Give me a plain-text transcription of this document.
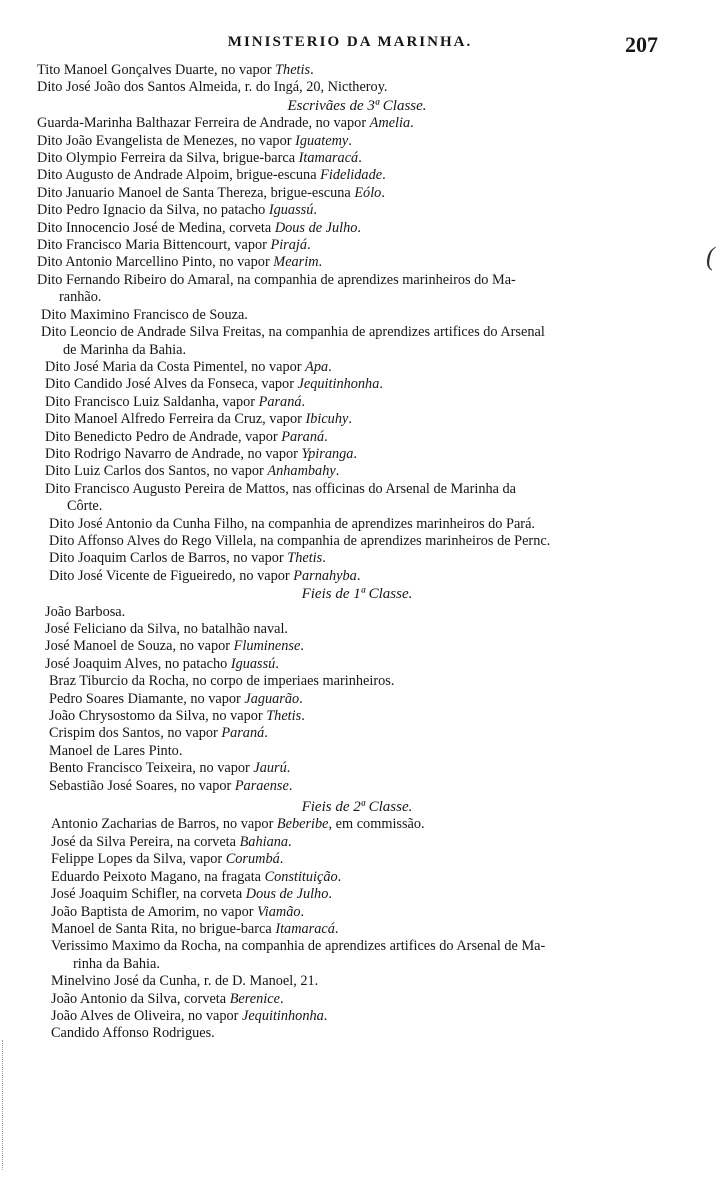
MINISTERIO DA MARINHA.	207
Tito Manoel Gonçalves Duarte, no vapor Thetis.
Dito José João dos Santos Almeida, r. do Ingá, 20, Nictheroy.
Escrivães de 3ª Classe.
Guarda-Marinha Balthazar Ferreira de Andrade, no vapor Amelia.
Dito João Evangelista de Menezes, no vapor Iguatemy.
Dito Olympio Ferreira da Silva, brigue-barca Itamaracá.
Dito Augusto de Andrade Alpoim, brigue-escuna Fidelidade.
Dito Januario Manoel de Santa Thereza, brigue-escuna Eólo.
Dito Pedro Ignacio da Silva, no patacho Iguassú.
Dito Innocencio José de Medina, corveta Dous de Julho.
Dito Francisco Maria Bittencourt, vapor Pirajá.
Dito Antonio Marcellino Pinto, no vapor Mearim.
Dito Fernando Ribeiro do Amaral, na companhia de aprendizes marinheiros do Ma-
ranhão.
Dito Maximino Francisco de Souza.
Dito Leoncio de Andrade Silva Freitas, na companhia de aprendizes artifices do Arsenal
de Marinha da Bahia.
Dito José Maria da Costa Pimentel, no vapor Apa.
Dito Candido José Alves da Fonseca, vapor Jequitinhonha.
Dito Francisco Luiz Saldanha, vapor Paraná.
Dito Manoel Alfredo Ferreira da Cruz, vapor Ibicuhy.
Dito Benedicto Pedro de Andrade, vapor Paraná.
Dito Rodrigo Navarro de Andrade, no vapor Ypiranga.
Dito Luiz Carlos dos Santos, no vapor Anhambahy.
Dito Francisco Augusto Pereira de Mattos, nas officinas do Arsenal de Marinha da
Côrte.
Dito José Antonio da Cunha Filho, na companhia de aprendizes marinheiros do Pará.
Dito Affonso Alves do Rego Villela, na companhia de aprendizes marinheiros de Pernc.
Dito Joaquim Carlos de Barros, no vapor Thetis.
Dito José Vicente de Figueiredo, no vapor Parnahyba.
Fieis de 1ª Classe.
João Barbosa.
José Feliciano da Silva, no batalhão naval.
José Manoel de Souza, no vapor Fluminense.
José Joaquim Alves, no patacho Iguassú.
Braz Tiburcio da Rocha, no corpo de imperiaes marinheiros.
Pedro Soares Diamante, no vapor Jaguarão.
João Chrysostomo da Silva, no vapor Thetis.
Crispim dos Santos, no vapor Paraná.
Manoel de Lares Pinto.
Bento Francisco Teixeira, no vapor Jaurú.
Sebastião José Soares, no vapor Paraense.
Fieis de 2ª Classe.
Antonio Zacharias de Barros, no vapor Beberibe, em commissão.
José da Silva Pereira, na corveta Bahiana.
Felippe Lopes da Silva, vapor Corumbá.
Eduardo Peixoto Magano, na fragata Constituição.
José Joaquim Schifler, na corveta Dous de Julho.
João Baptista de Amorim, no vapor Viamão.
Manoel de Santa Rita, no brigue-barca Itamaracá.
Verissimo Maximo da Rocha, na companhia de aprendizes artifices do Arsenal de Ma-
rinha da Bahia.
Minelvino José da Cunha, r. de D. Manoel, 21.
João Antonio da Silva, corveta Berenice.
João Alves de Oliveira, no vapor Jequitinhonha.
Candido Affonso Rodrigues.
(
